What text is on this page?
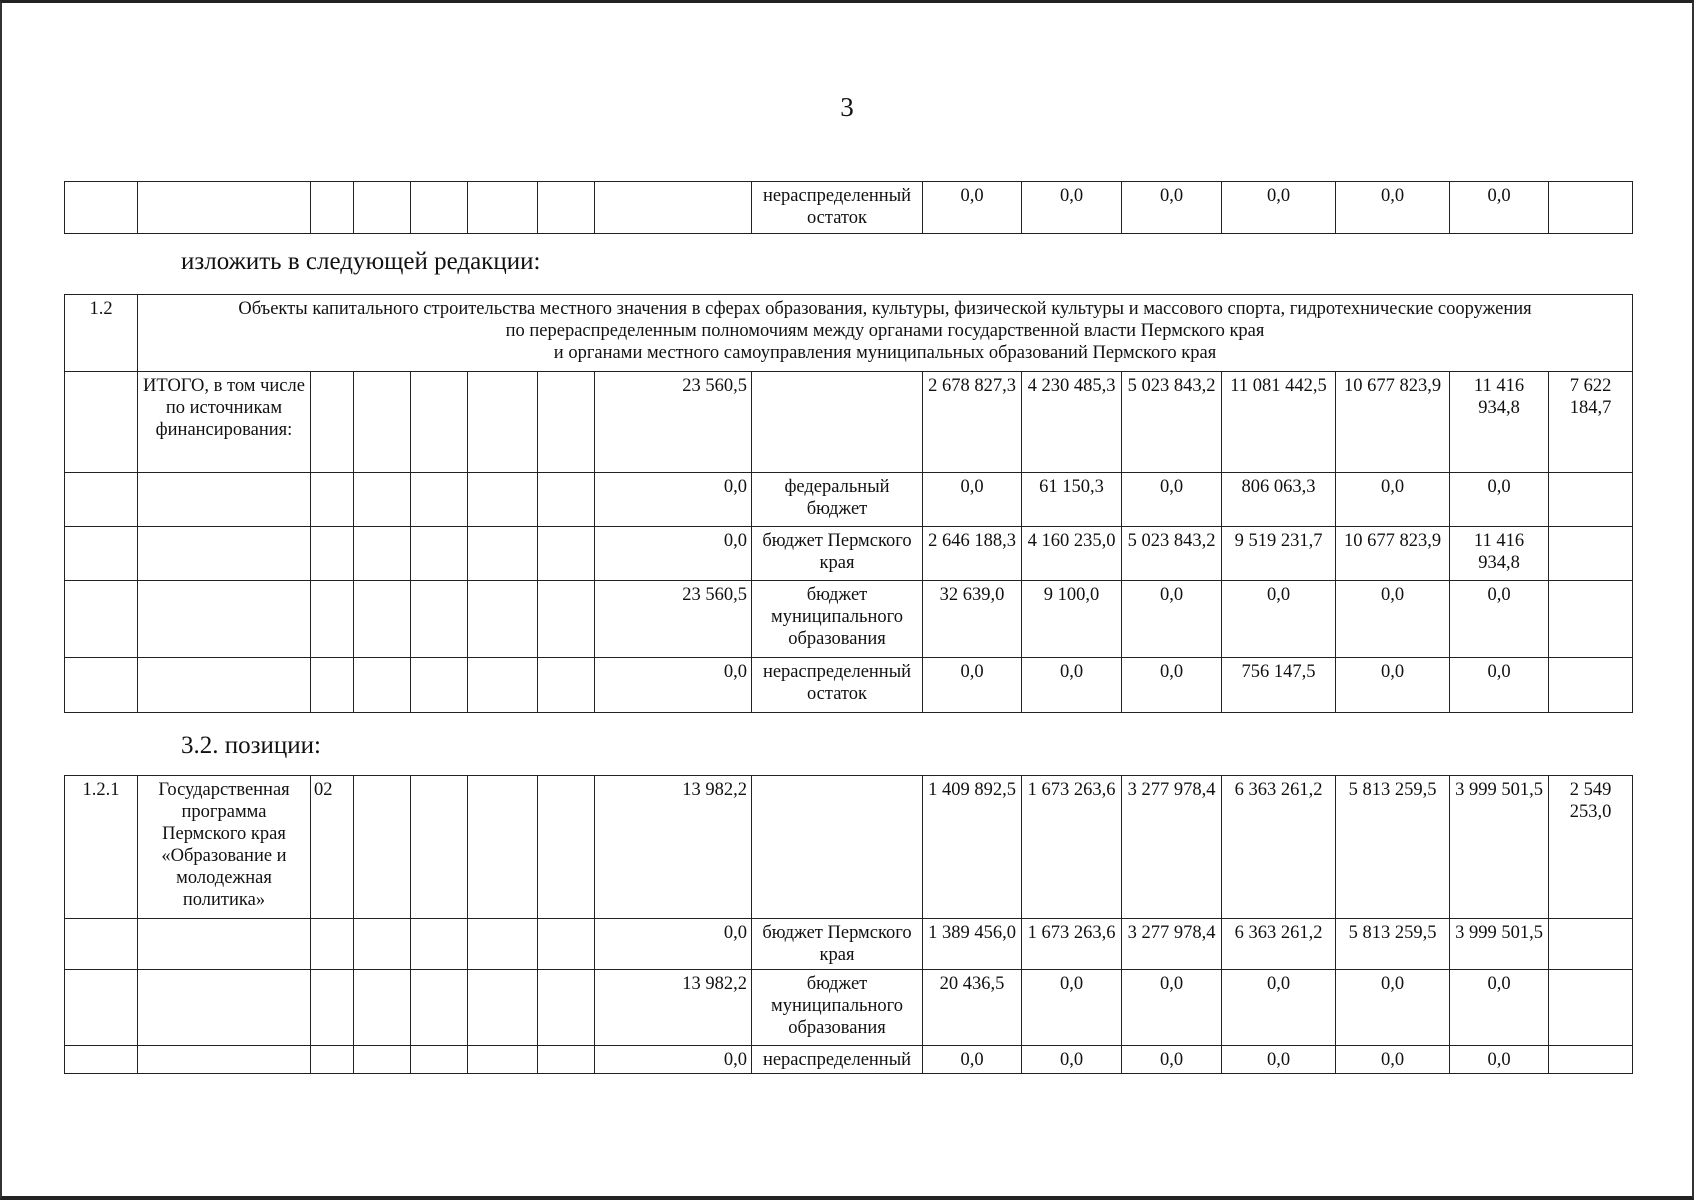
3
								нераспределенный остаток	0,0	0,0	0,0	0,0	0,0	0,0	
изложить в следующей редакции:
1.2	Объекты капитального строительства местного значения в сферах образования, культуры, физической культуры и массового спорта, гидротехнические сооружения
по перераспределенным полномочиям между органами государственной власти Пермского края
и органами местного самоуправления муниципальных образований Пермского края														

	ИТОГО, в том числе по источникам финансирования:						23 560,5		2 678 827,3	4 230 485,3	5 023 843,2	11 081 442,5	10 677 823,9	11 416 934,8	7 622 184,7
							0,0	федеральный бюджет	0,0	61 150,3	0,0	806 063,3	0,0	0,0	
							0,0	бюджет Пермского края	2 646 188,3	4 160 235,0	5 023 843,2	9 519 231,7	10 677 823,9	11 416 934,8	
							23 560,5	бюджет муниципального образования	32 639,0	9 100,0	0,0	0,0	0,0	0,0	
							0,0	нераспределенный остаток	0,0	0,0	0,0	756 147,5	0,0	0,0	
3.2. позиции:
1.2.1	Государственная программа Пермского края «Образование и молодежная политика»	02					13 982,2		1 409 892,5	1 673 263,6	3 277 978,4	6 363 261,2	5 813 259,5	3 999 501,5	2 549 253,0
							0,0	бюджет Пермского края	1 389 456,0	1 673 263,6	3 277 978,4	6 363 261,2	5 813 259,5	3 999 501,5	
							13 982,2	бюджет муниципального образования	20 436,5	0,0	0,0	0,0	0,0	0,0	
							0,0	нераспределенный	0,0	0,0	0,0	0,0	0,0	0,0	
